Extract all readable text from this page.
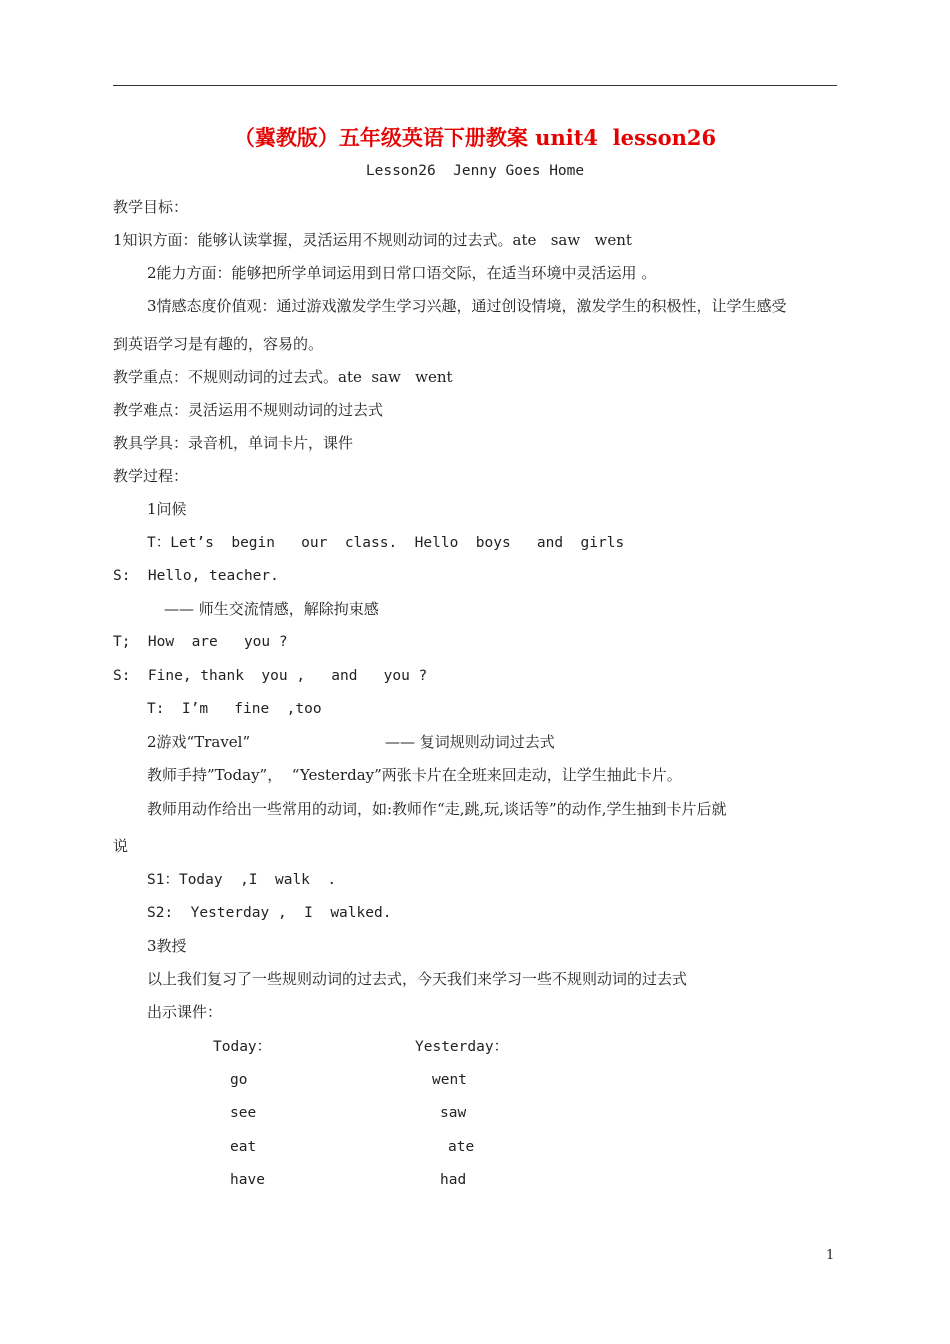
（冀教版）五年级英语下册教案 unit4  lesson26
Lesson26  Jenny Goes Home
教学目标：
1知识方面：能够认读掌握，灵活运用不规则动词的过去式。ate   saw   went
2能力方面：能够把所学单词运用到日常口语交际，在适当环境中灵活运用 。
3情感态度价值观：通过游戏激发学生学习兴趣，通过创设情境，激发学生的积极性，让学生感受
到英语学习是有趣的，容易的。
教学重点：不规则动词的过去式。ate  saw   went
教学难点：灵活运用不规则动词的过去式
教具学具：录音机，单词卡片，课件
教学过程：
1问候
T：Let’s  begin   our  class.  Hello  boys   and  girls
S:  Hello, teacher.
—— 师生交流情感，解除拘束感
T;  How  are   you ?
S:  Fine, thank  you ,   and   you ?
T:  I’m   fine  ,too
2游戏“Travel”	—— 复词规则动词过去式
教师手持”Today”，  “Yesterday”两张卡片在全班来回走动，让学生抽此卡片。
教师用动作给出一些常用的动词，如:教师作“走,跳,玩,谈话等”的动作,学生抽到卡片后就
说
S1：Today  ,I  walk  .
S2:  Yesterday ,  I  walked.
3教授
以上我们复习了一些规则动词的过去式，今天我们来学习一些不规则动词的过去式
出示课件：
Today：	Yesterday：
go	went
see	saw
eat	ate
have	had
1
